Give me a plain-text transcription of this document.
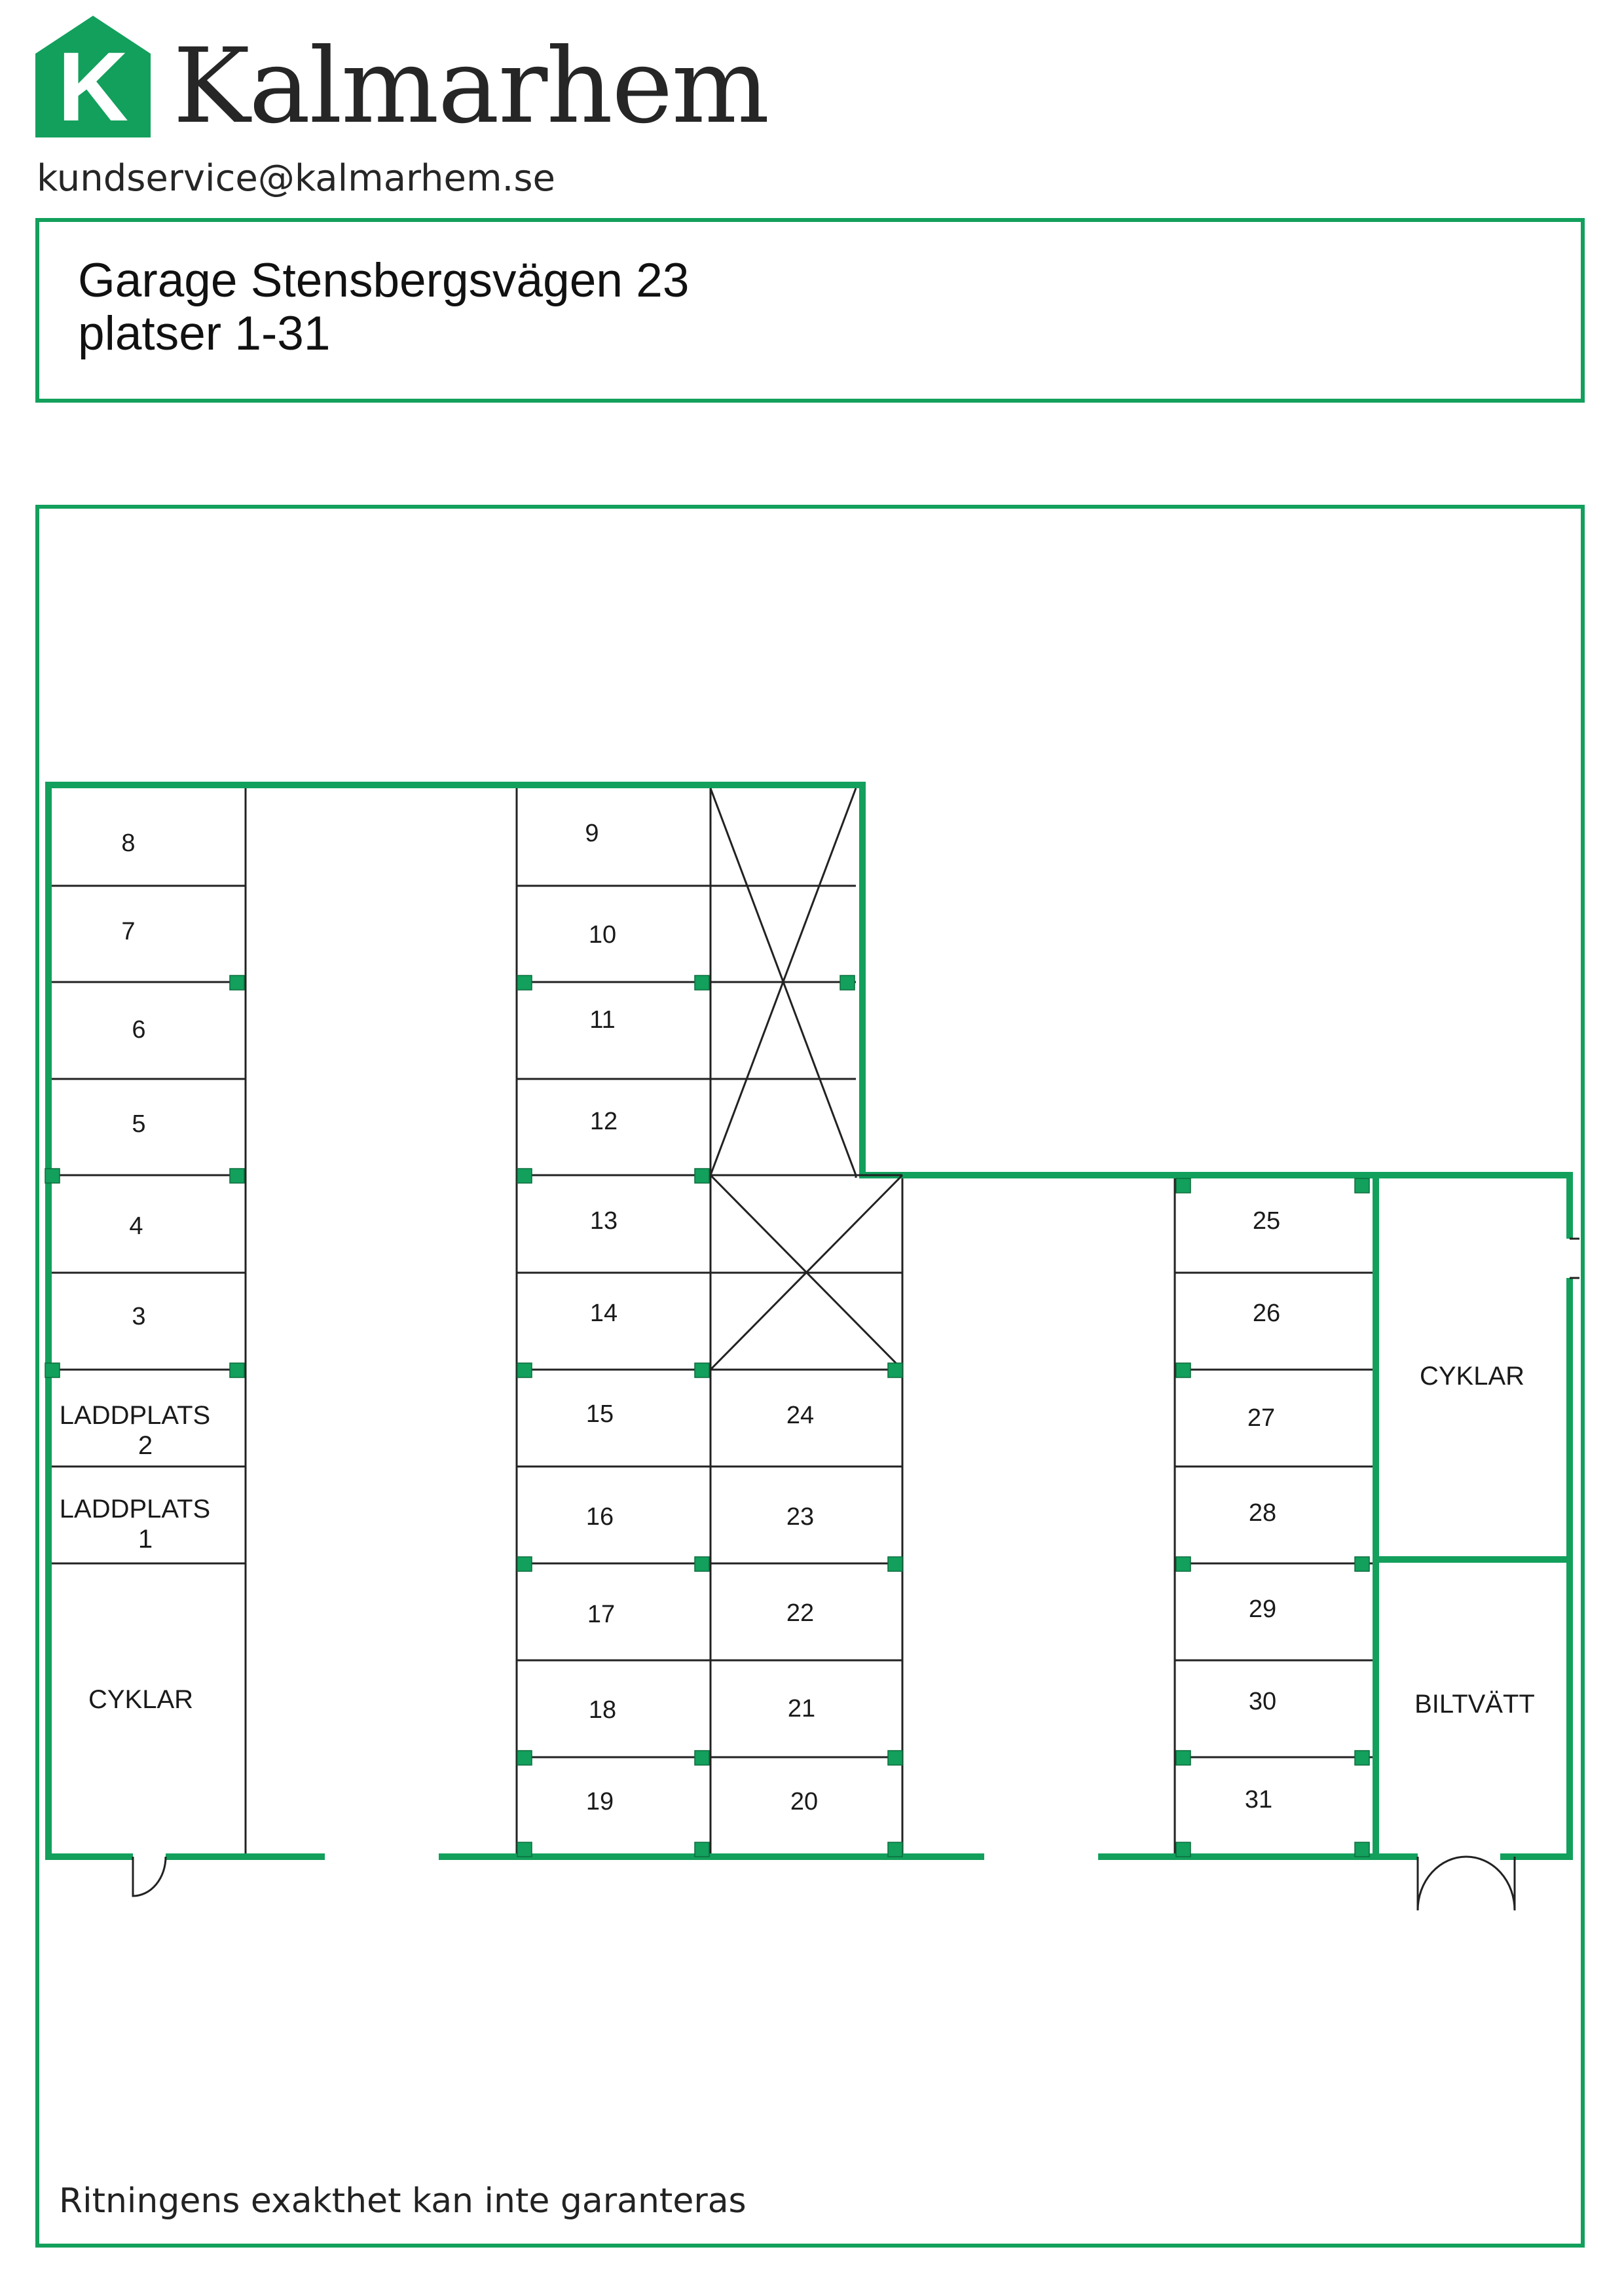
K Kalmarhem
kundservice@kalmarhem.se
Garage Stensbergsvägen 23
platser 1-31
8
7
6
5
4
3
9
10
11
12
13
14
15
16
17
18
19
24
23
22
21
20
25
26
27
28
29
30
31
LADDPLATS
2
LADDPLATS
1
CYKLAR
CYKLAR
BILTVÄTT
Ritningens exakthet kan inte garanteras
